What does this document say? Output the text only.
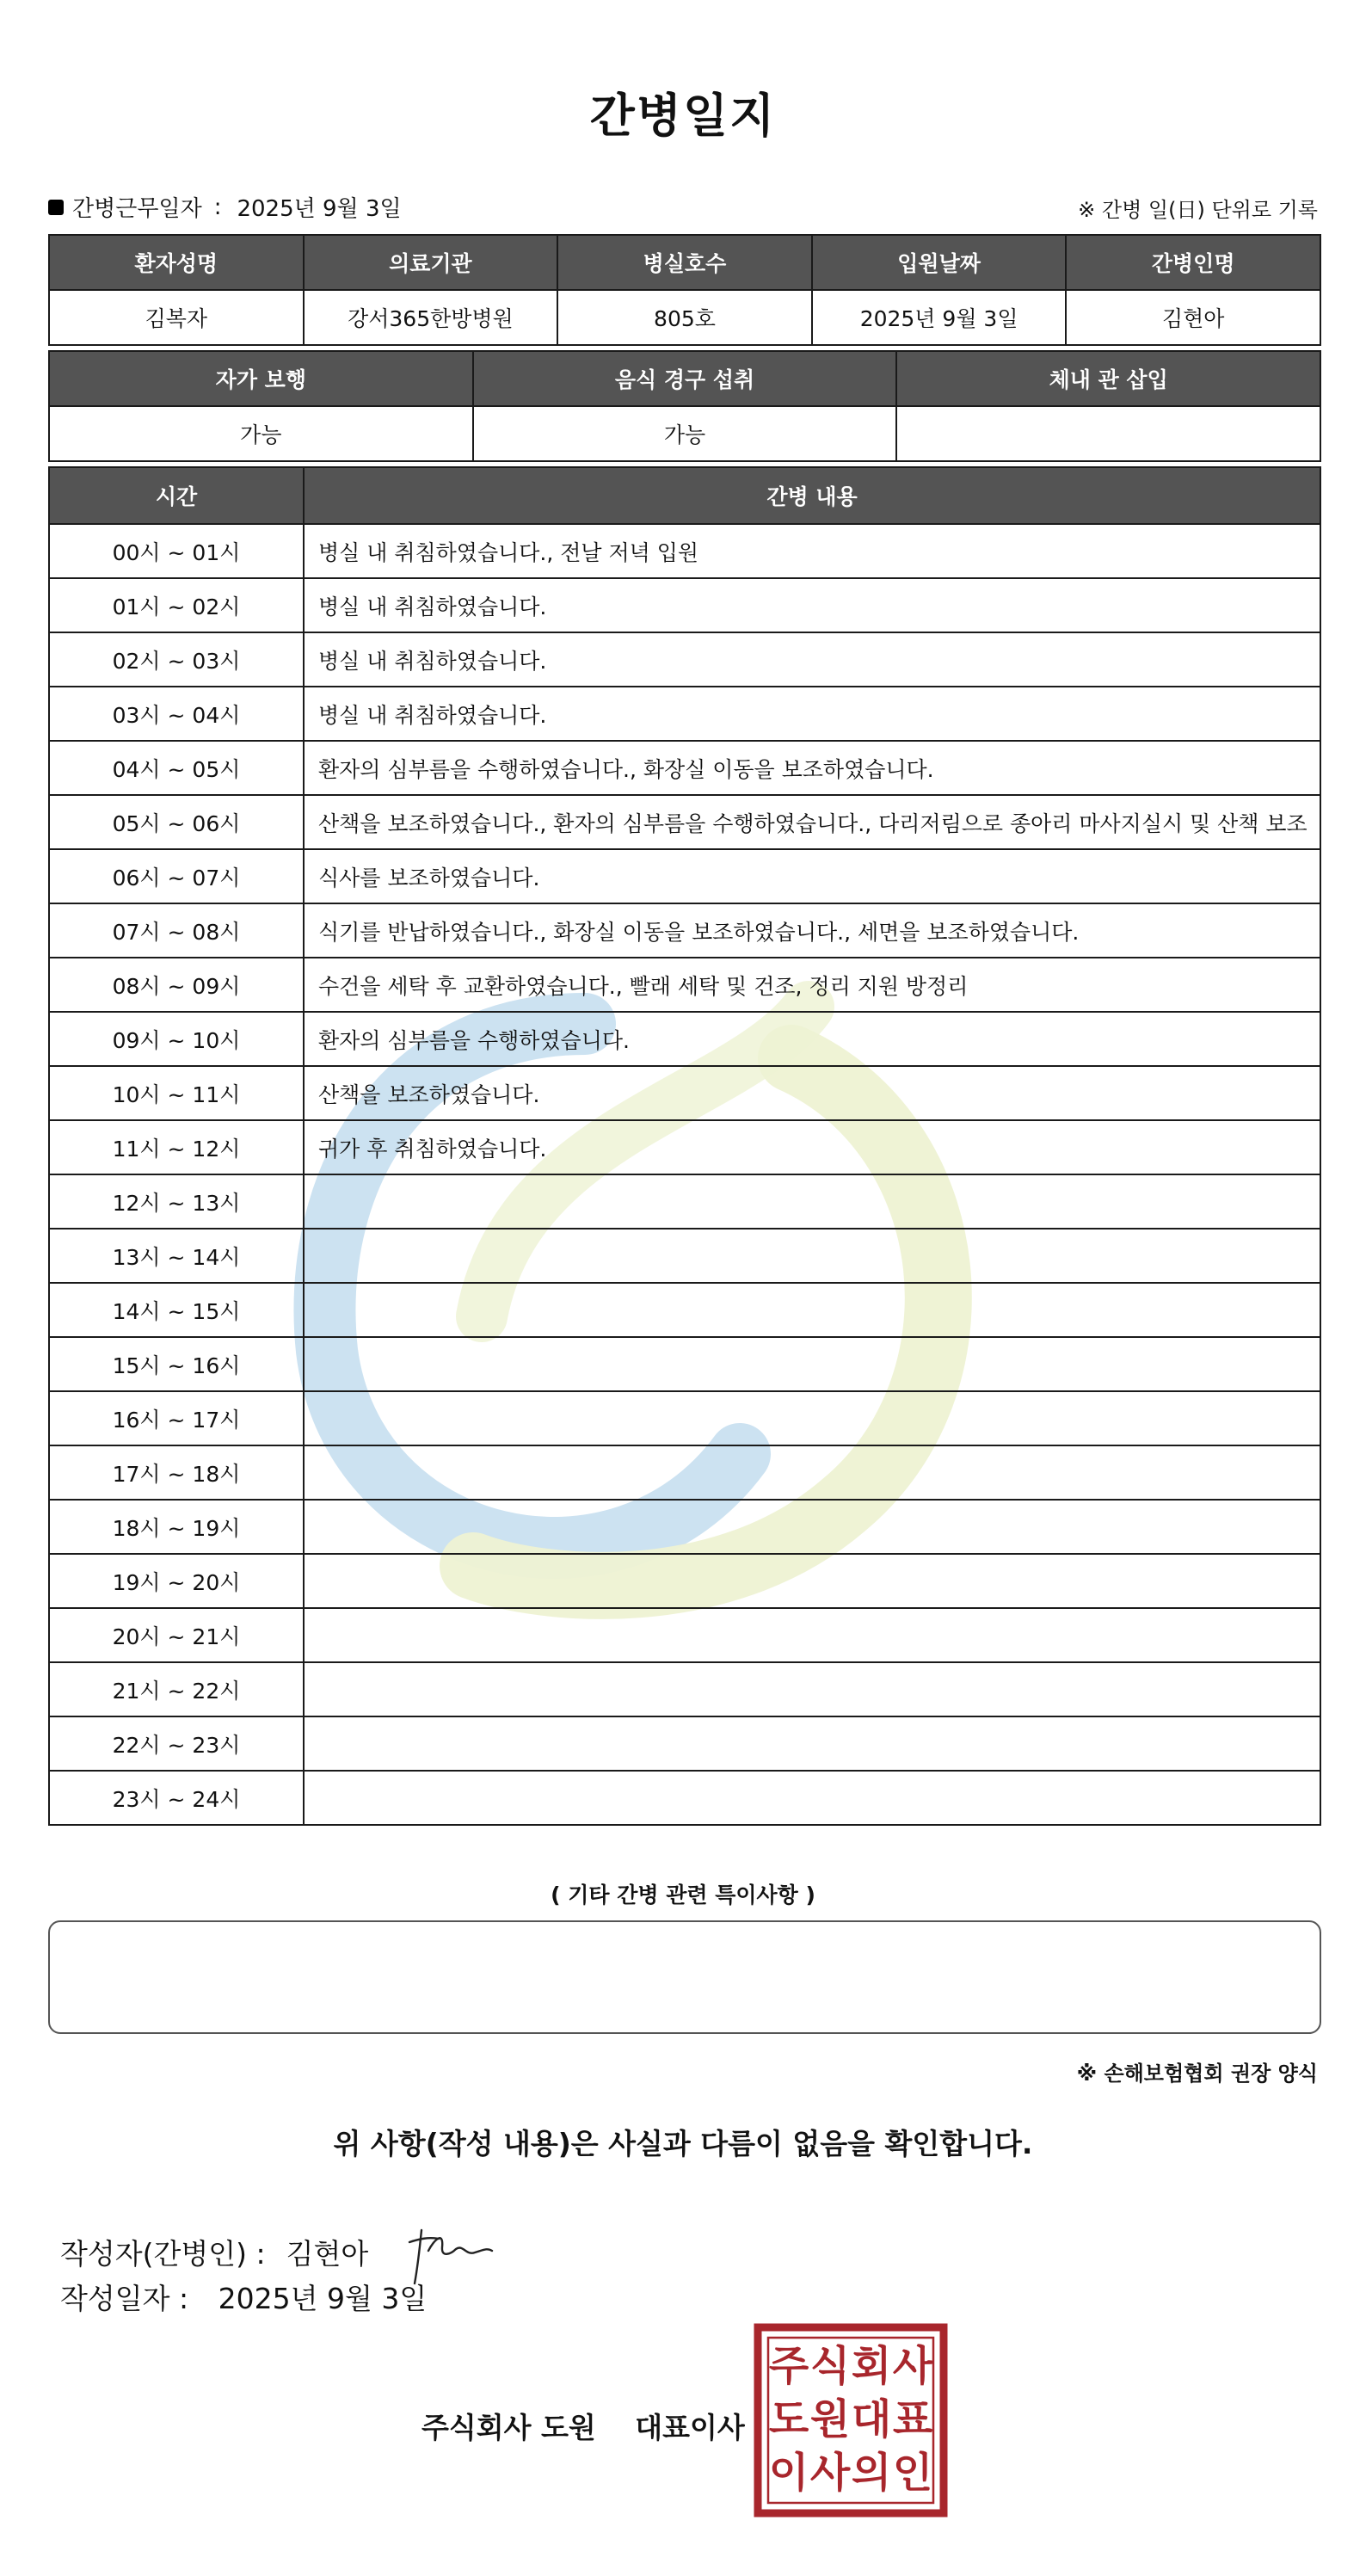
간병일지
간병근무일자 : 2025년 9월 3일	※ 간병 일(日) 단위로 기록
환자성명	의료기관	병실호수	입원날짜	간병인명
김복자	강서365한방병원	805호	2025년 9월 3일	김현아
자가 보행	음식 경구 섭취	체내 관 삽입
가능	가능	
시간	간병 내용
00시 ~ 01시	병실 내 취침하였습니다., 전날 저녁 입원
01시 ~ 02시	병실 내 취침하였습니다.
02시 ~ 03시	병실 내 취침하였습니다.
03시 ~ 04시	병실 내 취침하였습니다.
04시 ~ 05시	환자의 심부름을 수행하였습니다., 화장실 이동을 보조하였습니다.
05시 ~ 06시	산책을 보조하였습니다., 환자의 심부름을 수행하였습니다., 다리저림으로 종아리 마사지실시 및 산책 보조
06시 ~ 07시	식사를 보조하였습니다.
07시 ~ 08시	식기를 반납하였습니다., 화장실 이동을 보조하였습니다., 세면을 보조하였습니다.
08시 ~ 09시	수건을 세탁 후 교환하였습니다., 빨래 세탁 및 건조, 정리 지원 방정리
09시 ~ 10시	환자의 심부름을 수행하였습니다.
10시 ~ 11시	산책을 보조하였습니다.
11시 ~ 12시	귀가 후 취침하였습니다.
12시 ~ 13시	
13시 ~ 14시	
14시 ~ 15시	
15시 ~ 16시	
16시 ~ 17시	
17시 ~ 18시	
18시 ~ 19시	
19시 ~ 20시	
20시 ~ 21시	
21시 ~ 22시	
22시 ~ 23시	
23시 ~ 24시	
( 기타 간병 관련 특이사항 )
※ 손해보험협회 권장 양식
위 사항(작성 내용)은 사실과 다름이 없음을 확인합니다.
작성자(간병인) : 김현아
작성일자 : 2025년 9월 3일
주식회사 도원 대표이사
주 식 회 사
도 원 대 표
이 사 의 인
